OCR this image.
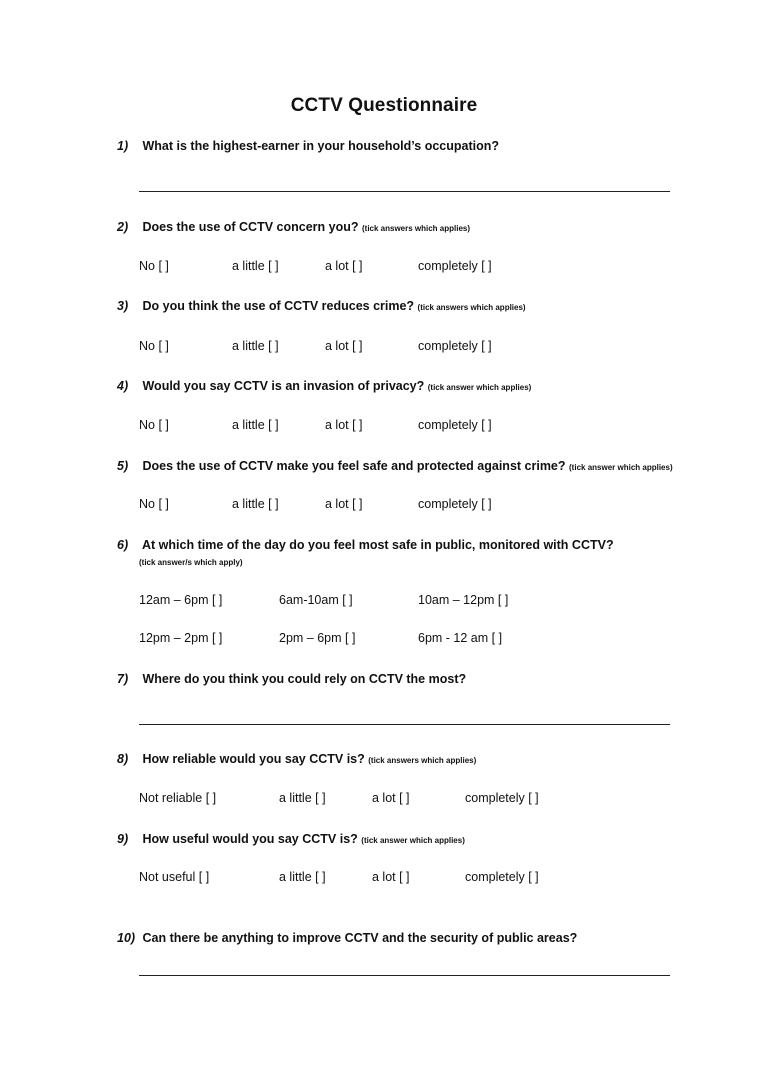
CCTV Questionnaire
1) What is the highest-earner in your household’s occupation?
2) Does the use of CCTV concern you? (tick answers which applies)
No [ ]	a little [ ]	a lot [ ]	completely [ ]
3) Do you think the use of CCTV reduces crime? (tick answers which applies)
No [ ]	a little [ ]	a lot [ ]	completely [ ]
4) Would you say CCTV is an invasion of privacy? (tick answer which applies)
No [ ]	a little [ ]	a lot [ ]	completely [ ]
5) Does the use of CCTV make you feel safe and protected against crime? (tick answer which applies)
No [ ]	a little [ ]	a lot [ ]	completely [ ]
6) At which time of the day do you feel most safe in public, monitored with CCTV?
(tick answer/s which apply)
12am – 6pm [ ]	6am-10am [ ]	10am – 12pm [ ]
12pm – 2pm [ ]	2pm – 6pm [ ]	6pm - 12 am [ ]
7) Where do you think you could rely on CCTV the most?
8) How reliable would you say CCTV is? (tick answers which applies)
Not reliable [ ]	a little [ ]	a lot [ ]	completely [ ]
9) How useful would you say CCTV is? (tick answer which applies)
Not useful [ ]	a little [ ]	a lot [ ]	completely [ ]
10) Can there be anything to improve CCTV and the security of public areas?
